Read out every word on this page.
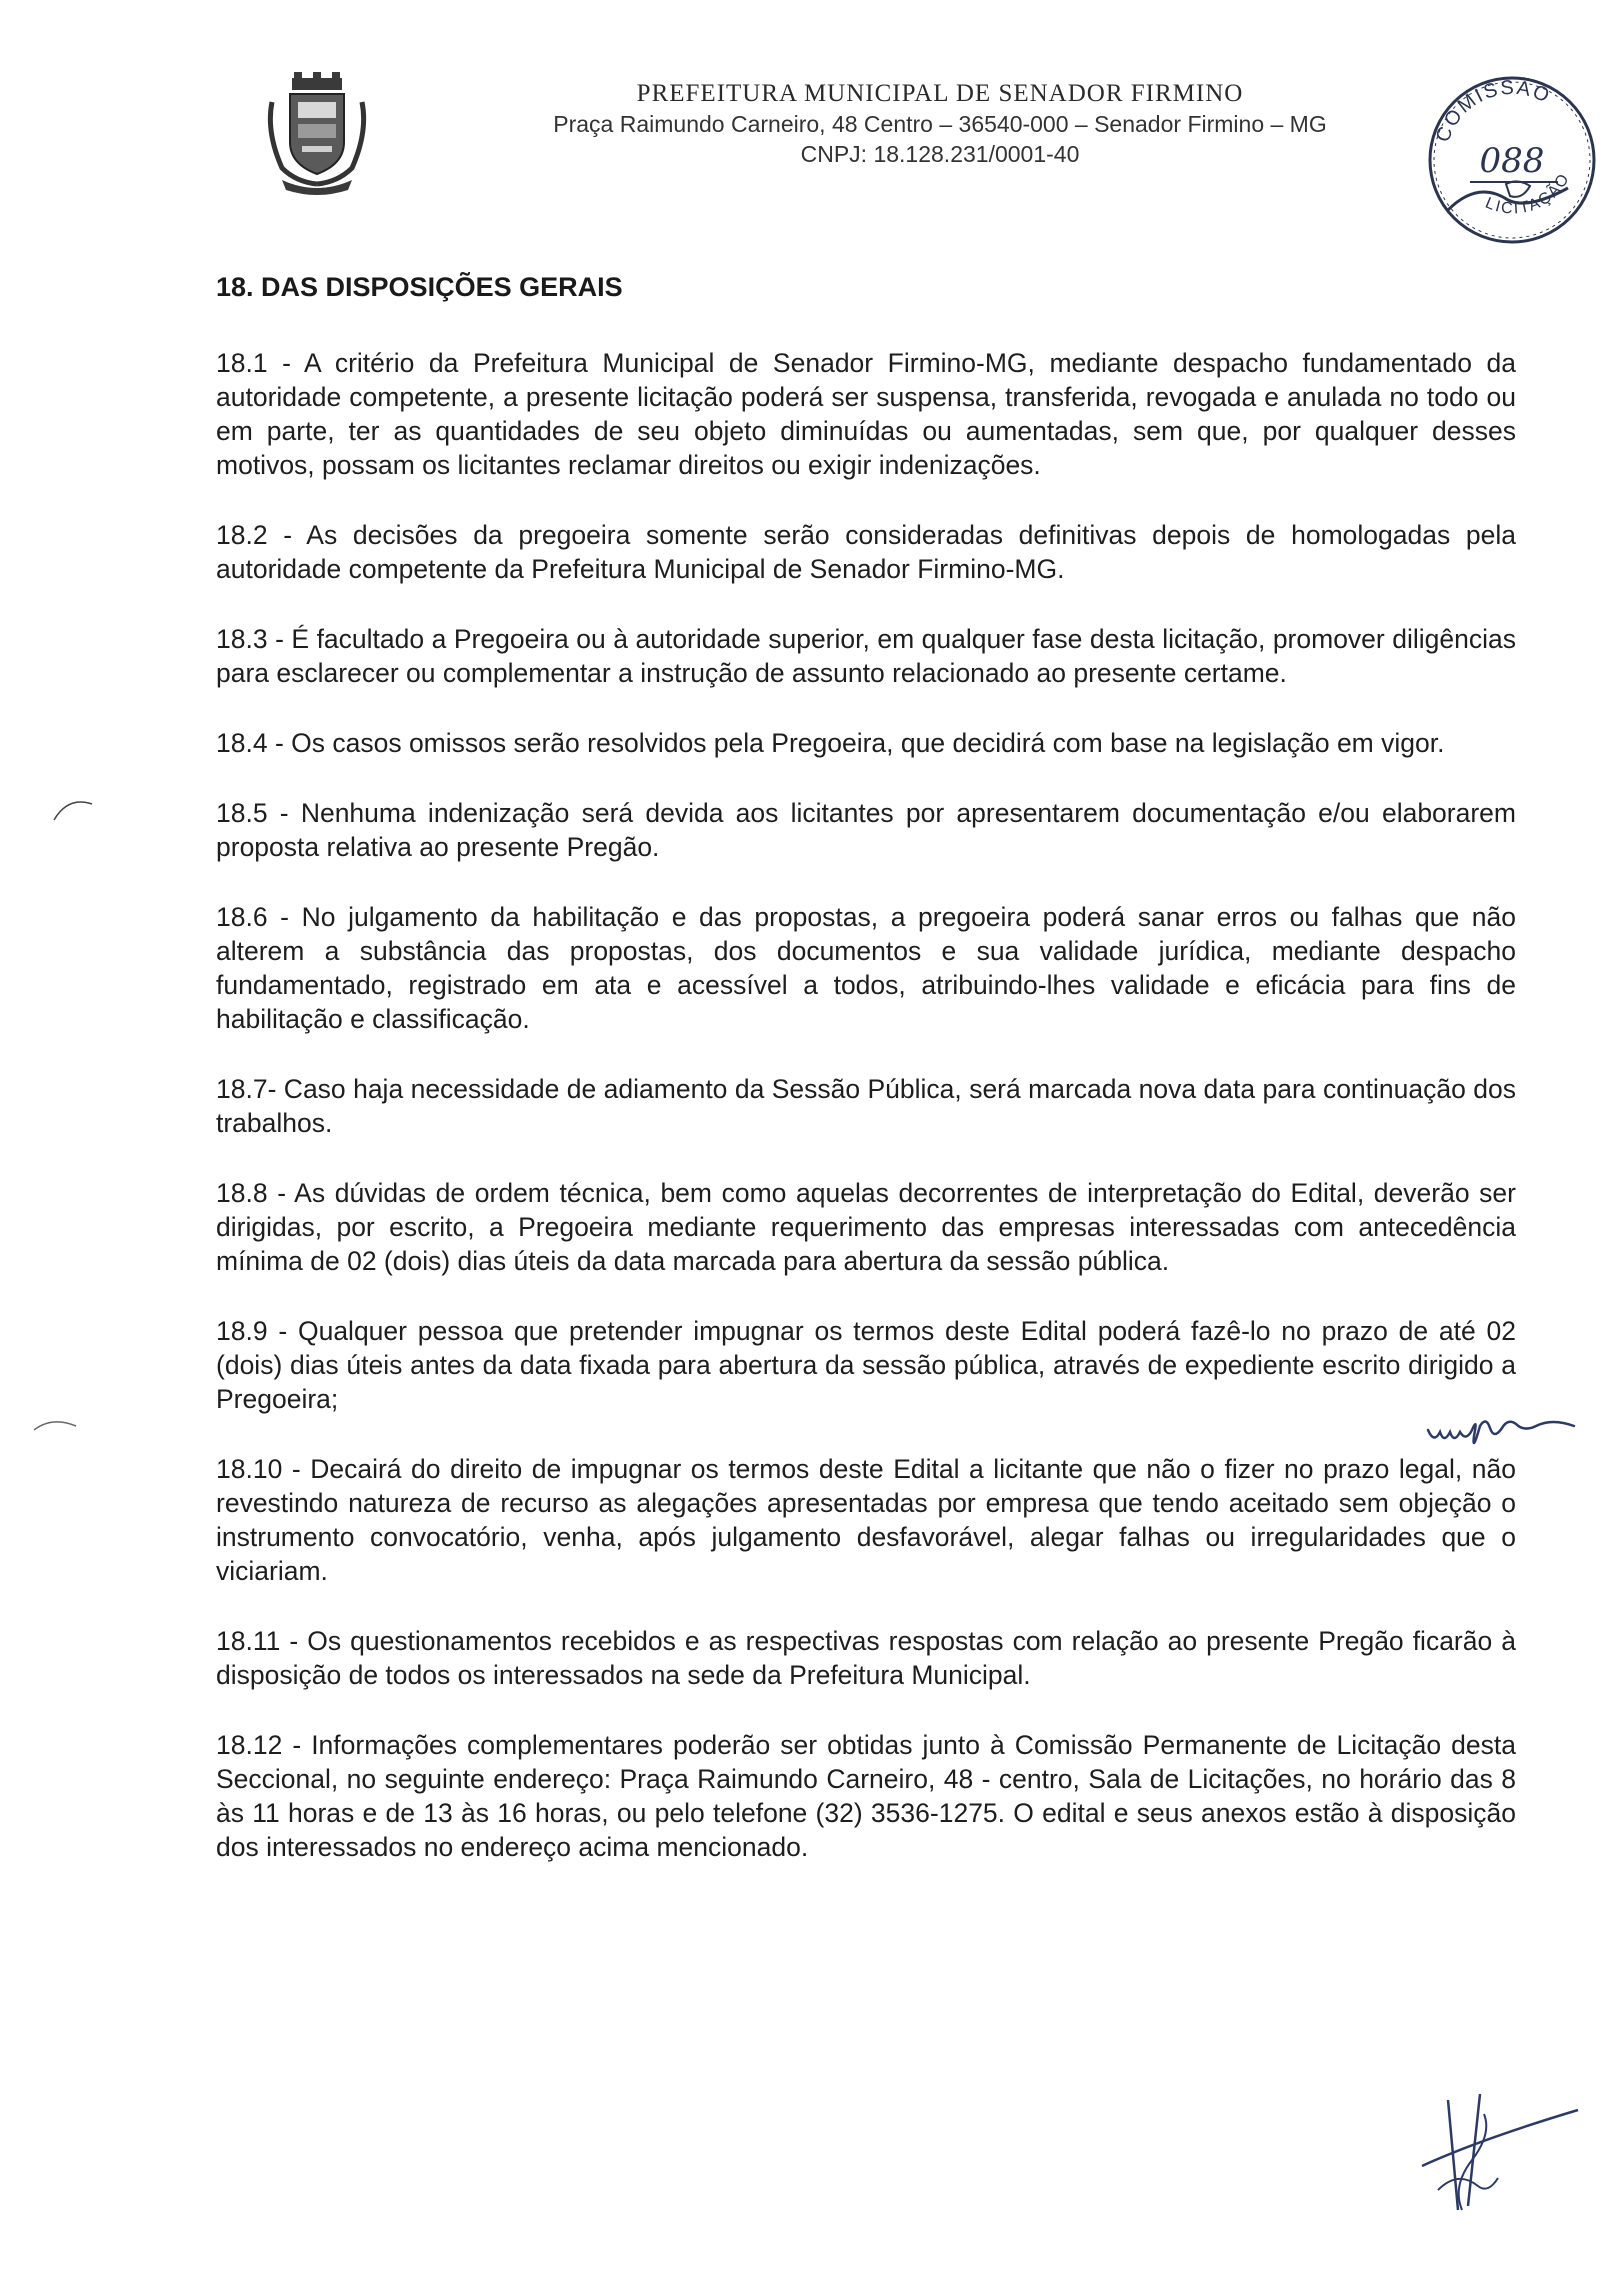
PREFEITURA MUNICIPAL DE SENADOR FIRMINO
Praça Raimundo Carneiro, 48 Centro – 36540-000 – Senador Firmino – MG
CNPJ: 18.128.231/0001-40
COMISSÃO
LICITAÇÃO
088
18. DAS DISPOSIÇÕES GERAIS

18.1 - A critério da Prefeitura Municipal de Senador Firmino-MG, mediante despacho fundamentado da autoridade competente, a presente licitação poderá ser suspensa, transferida, revogada e anulada no todo ou em parte, ter as quantidades de seu objeto diminuídas ou aumentadas, sem que, por qualquer desses motivos, possam os licitantes reclamar direitos ou exigir indenizações.

18.2 - As decisões da pregoeira somente serão consideradas definitivas depois de homologadas pela autoridade competente da Prefeitura Municipal de Senador Firmino-MG.

18.3 - É facultado a Pregoeira ou à autoridade superior, em qualquer fase desta licitação, promover diligências para esclarecer ou complementar a instrução de assunto relacionado ao presente certame.

18.4 - Os casos omissos serão resolvidos pela Pregoeira, que decidirá com base na legislação em vigor.

18.5 - Nenhuma indenização será devida aos licitantes por apresentarem documentação e/ou elaborarem proposta relativa ao presente Pregão.

18.6 - No julgamento da habilitação e das propostas, a pregoeira poderá sanar erros ou falhas que não alterem a substância das propostas, dos documentos e sua validade jurídica, mediante despacho fundamentado, registrado em ata e acessível a todos, atribuindo-lhes validade e eficácia para fins de habilitação e classificação.

18.7- Caso haja necessidade de adiamento da Sessão Pública, será marcada nova data para continuação dos trabalhos.

18.8 - As dúvidas de ordem técnica, bem como aquelas decorrentes de interpretação do Edital, deverão ser dirigidas, por escrito, a Pregoeira mediante requerimento das empresas interessadas com antecedência mínima de 02 (dois) dias úteis da data marcada para abertura da sessão pública.

18.9 - Qualquer pessoa que pretender impugnar os termos deste Edital poderá fazê-lo no prazo de até 02 (dois) dias úteis antes da data fixada para abertura da sessão pública, através de expediente escrito dirigido a Pregoeira;

18.10 - Decairá do direito de impugnar os termos deste Edital a licitante que não o fizer no prazo legal, não revestindo natureza de recurso as alegações apresentadas por empresa que tendo aceitado sem objeção o instrumento convocatório, venha, após julgamento desfavorável, alegar falhas ou irregularidades que o viciariam.

18.11 - Os questionamentos recebidos e as respectivas respostas com relação ao presente Pregão ficarão à disposição de todos os interessados na sede da Prefeitura Municipal.

18.12 - Informações complementares poderão ser obtidas junto à Comissão Permanente de Licitação desta Seccional, no seguinte endereço: Praça Raimundo Carneiro, 48 - centro, Sala de Licitações, no horário das 8 às 11 horas e de 13 às 16 horas, ou pelo telefone (32) 3536-1275. O edital e seus anexos estão à disposição dos interessados no endereço acima mencionado.
